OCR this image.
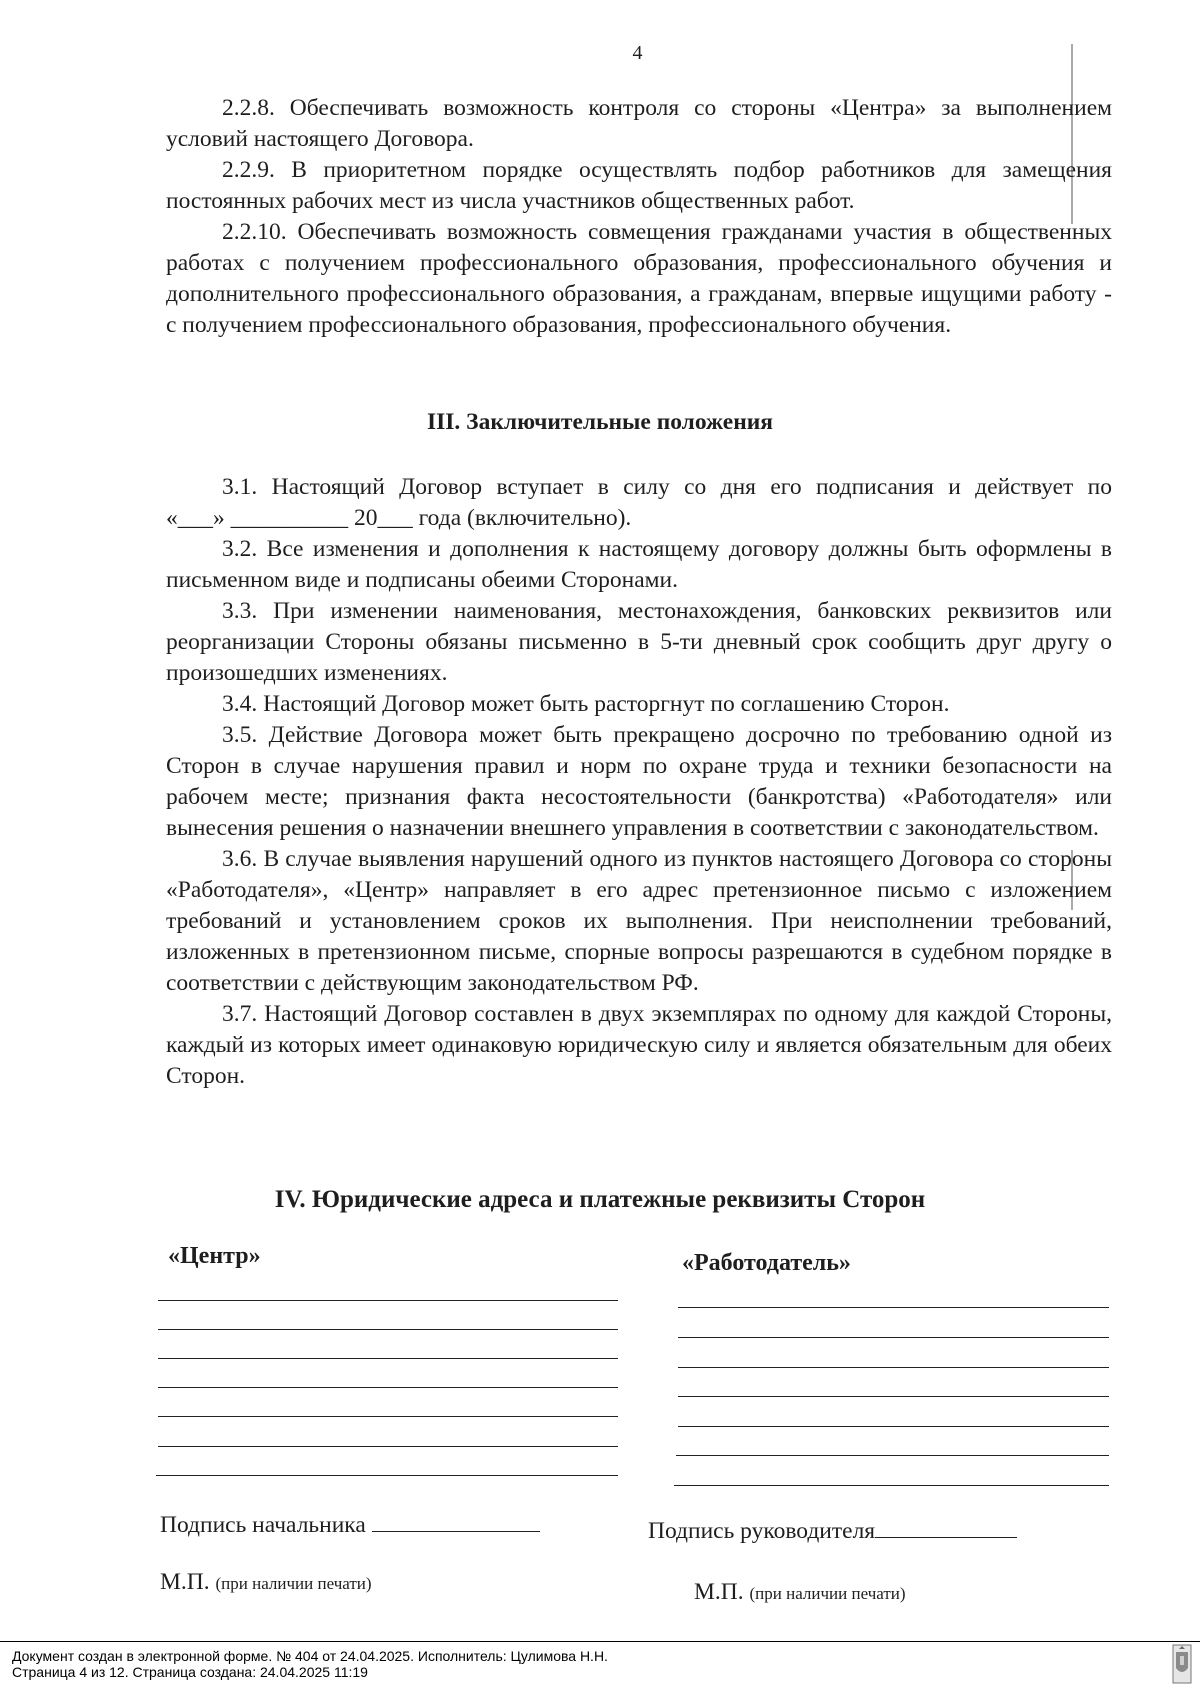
4

2.2.8. Обеспечивать возможность контроля со стороны «Центра» за выполнением условий настоящего Договора.

2.2.9. В приоритетном порядке осуществлять подбор работников для замещения постоянных рабочих мест из числа участников общественных работ.

2.2.10. Обеспечивать возможность совмещения гражданами участия в общественных работах с получением профессионального образования, профессионального обучения и дополнительного профессионального образования, а гражданам, впервые ищущими работу - с получением профессионального образования, профессионального обучения.

III. Заключительные положения

3.1. Настоящий Договор вступает в силу со дня его подписания и действует по

«___» __________ 20___ года (включительно).

3.2. Все изменения и дополнения к настоящему договору должны быть оформлены в письменном виде и подписаны обеими Сторонами.

3.3. При изменении наименования, местонахождения, банковских реквизитов или реорганизации Стороны обязаны письменно в 5-ти дневный срок сообщить друг другу о произошедших изменениях.

3.4. Настоящий Договор может быть расторгнут по соглашению Сторон.

3.5. Действие Договора может быть прекращено досрочно по требованию одной из Сторон в случае нарушения правил и норм по охране труда и техники безопасности на рабочем месте; признания факта несостоятельности (банкротства) «Работодателя» или вынесения решения о назначении внешнего управления в соответствии с законодательством.

3.6. В случае выявления нарушений одного из пунктов настоящего Договора со стороны «Работодателя», «Центр» направляет в его адрес претензионное письмо с изложением требований и установлением сроков их выполнения. При неисполнении требований, изложенных в претензионном письме, спорные вопросы разрешаются в судебном порядке в соответствии с действующим законодательством РФ.

3.7. Настоящий Договор составлен в двух экземплярах по одному для каждой Стороны, каждый из которых имеет одинаковую юридическую силу и является обязательным для обеих Сторон.

IV. Юридические адреса и платежные реквизиты Сторон
«Центр»	«Работодатель»
Подпись начальника	Подпись руководителя
М.П. (при наличии печати)	М.П. (при наличии печати)
Документ создан в электронной форме. № 404 от 24.04.2025. Исполнитель: Цулимова Н.Н.
Страница 4 из 12. Страница создана: 24.04.2025 11:19
